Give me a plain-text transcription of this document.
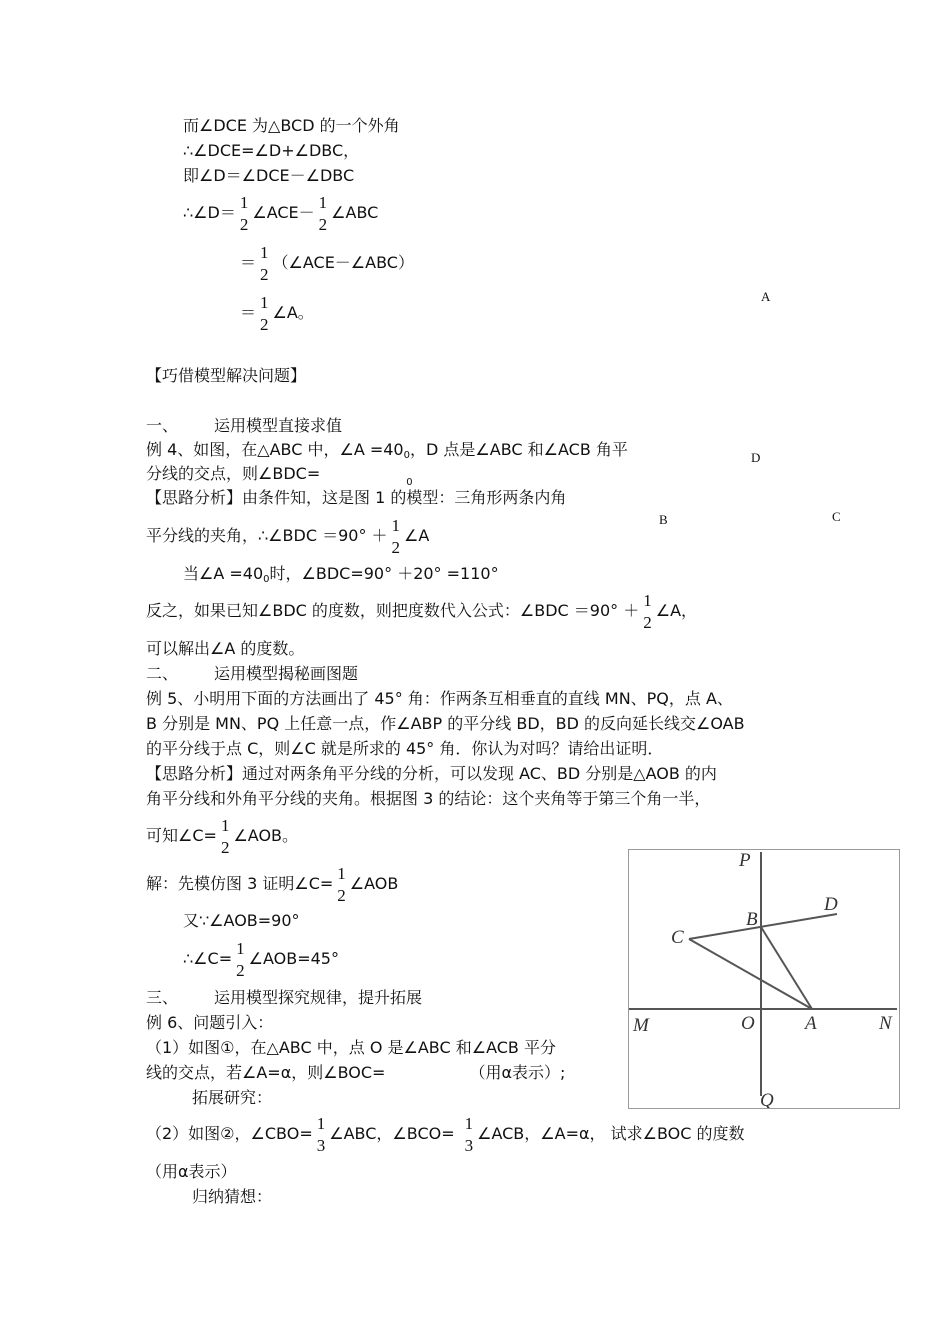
而∠DCE 为△BCD 的一个外角
∴∠DCE=∠D+∠DBC，
即∠D＝∠DCE－∠DBC
∴∠D＝
1
2
∠ACE－
1
2
∠ABC
＝
1
2
（∠ACE－∠ABC）
＝
1
2
∠A。
A
D
B	C
【巧借模型解决问题】
一、 运用模型直接求值
例 4、如图，在△ABC 中，∠A =400，D 点是∠ABC 和∠ACB 角平
分线的交点，则∠BDC=	$_0$
【思路分析】由条件知，这是图 1 的模型：三角形两条内角
平分线的夹角，∴∠BDC ＝90° ＋
1
2
∠A
当∠A =400时，∠BDC=90° ＋20° =110°
反之，如果已知∠BDC 的度数，则把度数代入公式：∠BDC ＝90° ＋
1
2
∠A，
可以解出∠A 的度数。
二、 运用模型揭秘画图题
例 5、小明用下面的方法画出了 45° 角：作两条互相垂直的直线 MN、PQ，点 A、
B 分别是 MN、PQ 上任意一点，作∠ABP 的平分线 BD，BD 的反向延长线交∠OAB
的平分线于点 C，则∠C 就是所求的 45° 角．你认为对吗？请给出证明．
【思路分析】通过对两条角平分线的分析，可以发现 AC、BD 分别是△AOB 的内
角平分线和外角平分线的夹角。根据图 3 的结论：这个夹角等于第三个角一半，
可知∠C=
1
2
∠AOB。
解：先模仿图 3 证明∠C=
1
2
∠AOB
又∵∠AOB=90°
∴∠C=
1
2
∠AOB=45°
P
D
B
C
M	O	A	N
Q
三、 运用模型探究规律，提升拓展
例 6、问题引入：
（1）如图①，在△ABC 中，点 O 是∠ABC 和∠ACB 平分
线的交点，若∠A=α，则∠BOC=	（用α表示）;
拓展研究：
（2）如图②，∠CBO=
1
3
∠ABC，∠BCO=
1
3
∠ACB，∠A=α， 试求∠BOC 的度数
（用α表示）
归纳猜想：
